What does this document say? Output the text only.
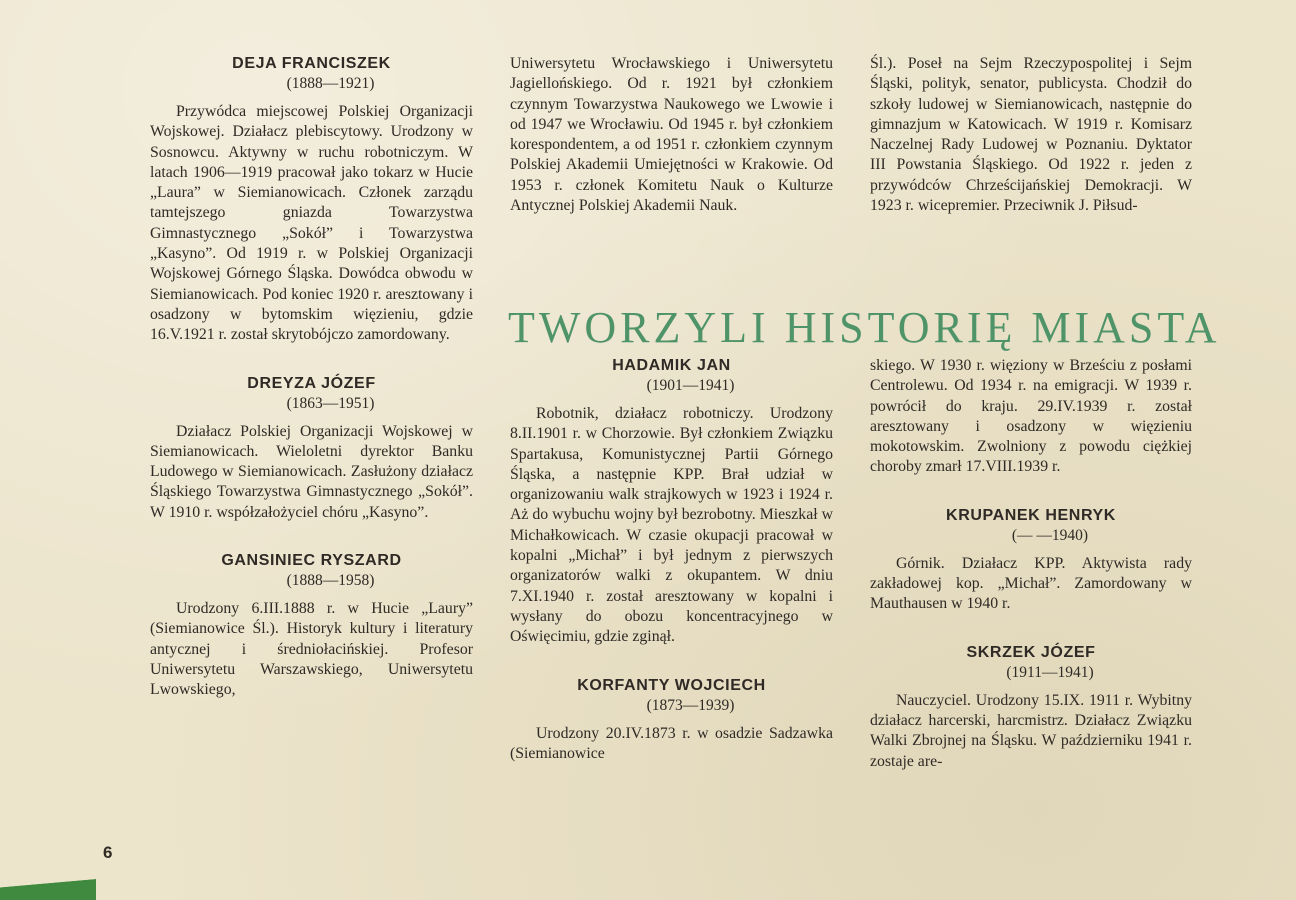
DEJA FRANCISZEK

(1888—1921)

Przywódca miejscowej Polskiej Organizacji Wojskowej. Działacz plebiscytowy. Urodzony w Sosnowcu. Aktywny w ruchu robotniczym. W latach 1906—1919 pracował jako tokarz w Hucie „Laura” w Siemianowicach. Członek zarządu tamtejszego gniazda Towarzystwa Gimnastycznego „Sokół” i Towarzystwa „Kasyno”. Od 1919 r. w Polskiej Organizacji Wojskowej Górnego Śląska. Dowódca obwodu w Siemianowicach. Pod koniec 1920 r. aresztowany i osadzony w bytomskim więzieniu, gdzie 16.V.1921 r. został skrytobójczo zamordowany.

DREYZA JÓZEF

(1863—1951)

Działacz Polskiej Organizacji Wojskowej w Siemianowicach. Wieloletni dyrektor Banku Ludowego w Siemianowicach. Zasłużony działacz Śląskiego Towarzystwa Gimnastycznego „Sokół”. W 1910 r. współzałożyciel chóru „Kasyno”.

GANSINIEC RYSZARD

(1888—1958)

Urodzony 6.III.1888 r. w Hucie „Laury” (Siemianowice Śl.). Historyk kultury i literatury antycznej i średniołacińskiej. Profesor Uniwersytetu Warszawskiego, Uniwersytetu Lwowskiego,

Uniwersytetu Wrocławskiego i Uniwersytetu Jagiellońskiego. Od r. 1921 był członkiem czynnym Towarzystwa Naukowego we Lwowie i od 1947 we Wrocławiu. Od 1945 r. był członkiem korespondentem, a od 1951 r. członkiem czynnym Polskiej Akademii Umiejętności w Krakowie. Od 1953 r. członek Komitetu Nauk o Kulturze Antycznej Polskiej Akademii Nauk.

Śl.). Poseł na Sejm Rzeczypospolitej i Sejm Śląski, polityk, senator, publicysta. Chodził do szkoły ludowej w Siemianowicach, następnie do gimnazjum w Katowicach. W 1919 r. Komisarz Naczelnej Rady Ludowej w Poznaniu. Dyktator III Powstania Śląskiego. Od 1922 r. jeden z przywódców Chrześcijańskiej Demokracji. W 1923 r. wicepremier. Przeciwnik J. Piłsud-

TWORZYLI HISTORIĘ MIASTA

HADAMIK JAN

(1901—1941)

Robotnik, działacz robotniczy. Urodzony 8.II.1901 r. w Chorzowie. Był członkiem Związku Spartakusa, Komunistycznej Partii Górnego Śląska, a następnie KPP. Brał udział w organizowaniu walk strajkowych w 1923 i 1924 r. Aż do wybuchu wojny był bezrobotny. Mieszkał w Michałkowicach. W czasie okupacji pracował w kopalni „Michał” i był jednym z pierwszych organizatorów walki z okupantem. W dniu 7.XI.1940 r. został aresztowany w kopalni i wysłany do obozu koncentracyjnego w Oświęcimiu, gdzie zginął.

KORFANTY WOJCIECH

(1873—1939)

Urodzony 20.IV.1873 r. w osadzie Sadzawka (Siemianowice

skiego. W 1930 r. więziony w Brześciu z posłami Centrolewu. Od 1934 r. na emigracji. W 1939 r. powrócił do kraju. 29.IV.1939 r. został aresztowany i osadzony w więzieniu mokotowskim. Zwolniony z powodu ciężkiej choroby zmarł 17.VIII.1939 r.

KRUPANEK HENRYK

(— —1940)

Górnik. Działacz KPP. Aktywista rady zakładowej kop. „Michał”. Zamordowany w Mauthausen w 1940 r.

SKRZEK JÓZEF

(1911—1941)

Nauczyciel. Urodzony 15.IX. 1911 r. Wybitny działacz harcerski, harcmistrz. Działacz Związku Walki Zbrojnej na Śląsku. W październiku 1941 r. zostaje are-

6
